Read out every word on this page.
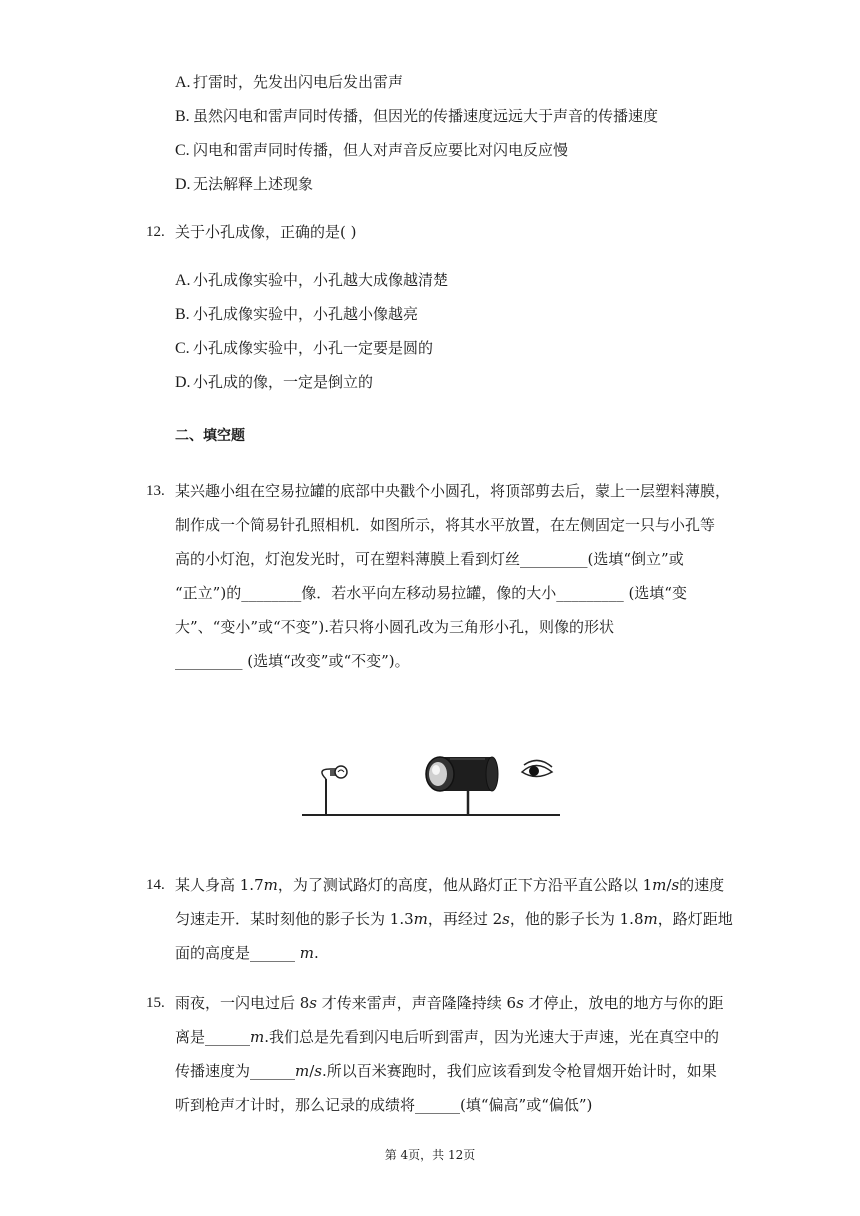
A. 打雷时，先发出闪电后发出雷声
B. 虽然闪电和雷声同时传播，但因光的传播速度远远大于声音的传播速度
C. 闪电和雷声同时传播，但人对声音反应要比对闪电反应慢
D. 无法解释上述现象
12. 关于小孔成像，正确的是( )
A. 小孔成像实验中，小孔越大成像越清楚
B. 小孔成像实验中，小孔越小像越亮
C. 小孔成像实验中，小孔一定要是圆的
D. 小孔成的像，一定是倒立的
二、填空题
13. 某兴趣小组在空易拉罐的底部中央戳个小圆孔，将顶部剪去后，蒙上一层塑料薄膜，
制作成一个简易针孔照相机．如图所示，将其水平放置，在左侧固定一只与小孔等
高的小灯泡，灯泡发光时，可在塑料薄膜上看到灯丝_________(选填“倒立”或
“正立”)的________像．若水平向左移动易拉罐，像的大小_________ (选填“变
大”、“变小”或“不变”).若只将小圆孔改为三角形小孔，则像的形状
_________ (选填“改变”或“不变”)。
14. 某人身高 1.7𝑚，为了测试路灯的高度，他从路灯正下方沿平直公路以 1𝑚/𝑠的速度
匀速走开．某时刻他的影子长为 1.3𝑚，再经过 2𝑠，他的影子长为 1.8𝑚，路灯距地
面的高度是______ 𝑚.
15. 雨夜，一闪电过后 8𝑠 才传来雷声，声音隆隆持续 6𝑠 才停止，放电的地方与你的距
离是______𝑚.我们总是先看到闪电后听到雷声，因为光速大于声速，光在真空中的
传播速度为______𝑚/𝑠.所以百米赛跑时，我们应该看到发令枪冒烟开始计时，如果
听到枪声才计时，那么记录的成绩将______(填“偏高”或“偏低”)
第 4页，共 12页
